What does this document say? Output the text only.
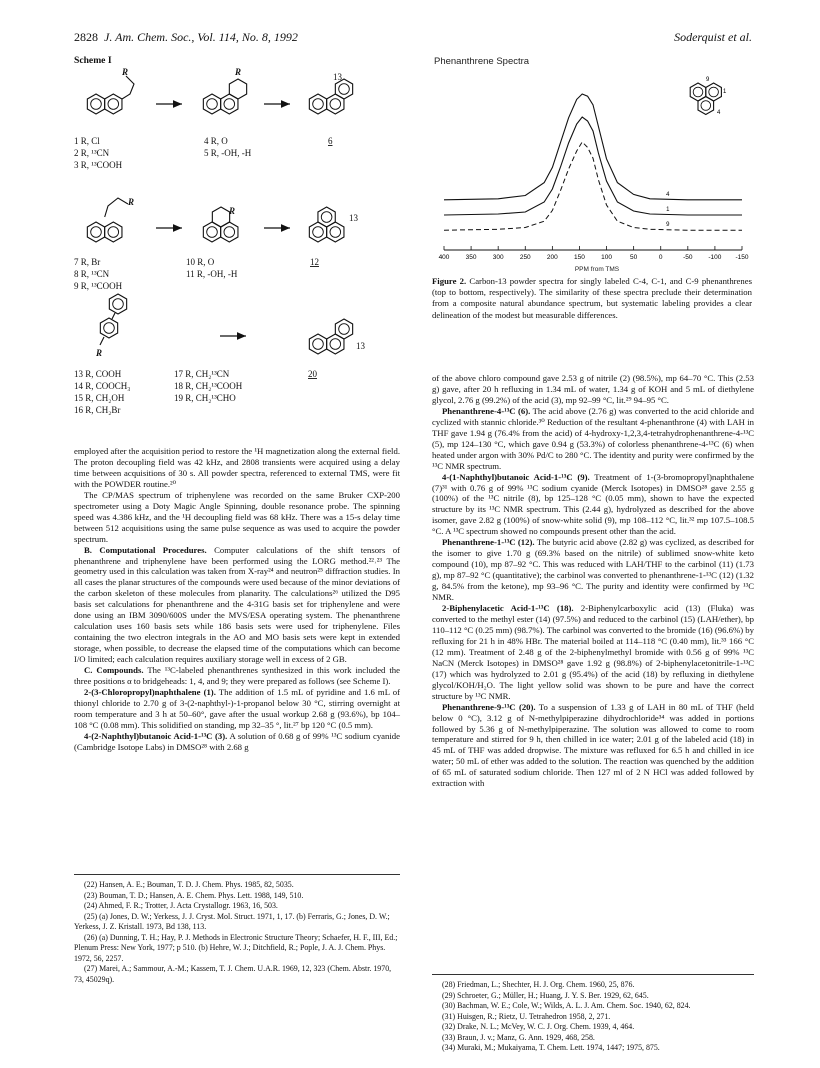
2828 J. Am. Chem. Soc., Vol. 114, No. 8, 1992	Soderquist et al.
Scheme I
R	R	13
1 R, Cl
2 R, ¹³CN
3 R, ¹³COOH
4 R, O
5 R, -OH, -H
6
R
R
13
7 R, Br
8 R, ¹³CN
9 R, ¹³COOH
10 R, O
11 R, -OH, -H
12
R
13
13 R, COOH
14 R, COOCH₃
15 R, CH₂OH
16 R, CH₂Br
17 R, CH₂¹³CN
18 R, CH₂¹³COOH
19 R, CH₂¹³CHO
20
Phenanthrene Spectra
4
1
9
400 350 300 250 200 150 100	50	0	-50 -100 -150
PPM from TMS
9
1
4
Figure 2. Carbon-13 powder spectra for singly labeled C-4, C-1, and C-9 phenanthrenes (top to bottom, respectively). The similarity of these spectra preclude their determination from a composite natural abundance spectrum, but systematic labeling provides a clear delineation of the modest but measurable differences.

employed after the acquisition period to restore the ¹H magnetization along the external field. The proton decoupling field was 42 kHz, and 2808 transients were acquired using a delay time between acquisitions of 30 s. All powder spectra, referenced to external TMS, were fit with the POWDER routine.²⁰

The CP/MAS spectrum of triphenylene was recorded on the same Bruker CXP-200 spectrometer using a Doty Magic Angle Spinning, double resonance probe. The spinning speed was 4.386 kHz, and the ¹H decoupling field was 68 kHz. There was a 15-s delay time between 512 acquisitions using the same pulse sequence as was used to acquire the powder spectrum.

B. Computational Procedures. Computer calculations of the shift tensors of phenanthrene and triphenylene have been performed using the LORG method.²²˒²³ The geometry used in this calculation was taken from X-ray²⁴ and neutron²⁵ diffraction studies. In all cases the planar structures of the compounds were used because of the minor deviations of the carbon skeleton of these molecules from planarity. The calculations²⁶ utilized the D95 basis set calculations for phenanthrene and the 4-31G basis set for triphenylene and were done using an IBM 3090/600S under the MVS/ESA operating system. The phenanthrene calculation uses 160 basis sets while 186 basis sets were used for triphenylene. Files containing the two electron integrals in the AO and MO basis sets were kept in extended storage, when possible, to decrease the elapsed time of the computations which can become I/O limited; each calculation requires auxiliary storage well in excess of 2 GB.

C. Compounds. The ¹³C-labeled phenanthrenes synthesized in this work included the three positions α to bridgeheads: 1, 4, and 9; they were prepared as follows (see Scheme I).

2-(3-Chloropropyl)naphthalene (1). The addition of 1.5 mL of pyridine and 1.6 mL of thionyl chloride to 2.70 g of 3-(2-naphthyl-)-1-propanol below 30 °C, stirring overnight at room temperature and 3 h at 50–60°, gave after the usual workup 2.68 g (93.6%), bp 104–108 °C (0.08 mm). This solidified on standing, mp 32–35 °, lit.²⁷ bp 120 °C (0.5 mm).

4-(2-Naphthyl)butanoic Acid-1-¹³C (3). A solution of 0.68 g of 99% ¹³C sodium cyanide (Cambridge Isotope Labs) in DMSO²⁸ with 2.68 g

of the above chloro compound gave 2.53 g of nitrile (2) (98.5%), mp 64–70 °C. This (2.53 g) gave, after 20 h refluxing in 1.34 mL of water, 1.34 g of KOH and 5 mL of diethylene glycol, 2.76 g (99.2%) of the acid (3), mp 92–99 °C, lit.²⁹ 94–95 °C.

Phenanthrene-4-¹³C (6). The acid above (2.76 g) was converted to the acid chloride and cyclized with stannic chloride.³⁰ Reduction of the resultant 4-phenanthrone (4) with LAH in THF gave 1.94 g (76.4% from the acid) of 4-hydroxy-1,2,3,4-tetrahydrophenanthrene-4-¹³C (5), mp 124–130 °C, which gave 0.94 g (53.3%) of colorless phenanthrene-4-¹³C (6) when heated under argon with 30% Pd/C to 280 °C. The identity and purity were confirmed by the ¹³C NMR spectrum.

4-(1-Naphthyl)butanoic Acid-1-¹³C (9). Treatment of 1-(3-bromopropyl)naphthalene (7)³¹ with 0.76 g of 99% ¹³C sodium cyanide (Merck Isotopes) in DMSO²⁸ gave 2.55 g (100%) of the ¹³C nitrile (8), bp 125–128 °C (0.05 mm), shown to have the expected structure by its ¹³C NMR spectrum. This (2.44 g), hydrolyzed as described for the above isomer, gave 2.82 g (100%) of snow-white solid (9), mp 108–112 °C, lit.³² mp 107.5–108.5 °C. A ¹³C spectrum showed no compounds present other than the acid.

Phenanthrene-1-¹³C (12). The butyric acid above (2.82 g) was cyclized, as described for the isomer to give 1.70 g (69.3% based on the nitrile) of sublimed snow-white keto compound (10), mp 87–92 °C. This was reduced with LAH/THF to the carbinol (11) (1.73 g), mp 87–92 °C (quantitative); the carbinol was converted to phenanthrene-1-¹³C (12) (1.32 g, 84.5% from the ketone), mp 93–96 °C. The purity and identity were confirmed by ¹³C NMR.

2-Biphenylacetic Acid-1-¹³C (18). 2-Biphenylcarboxylic acid (13) (Fluka) was converted to the methyl ester (14) (97.5%) and reduced to the carbinol (15) (LAH/ether), bp 110–112 °C (0.25 mm) (98.7%). The carbinol was converted to the bromide (16) (96.6%) by refluxing for 21 h in 48% HBr. The material boiled at 114–118 °C (0.40 mm), lit.³³ 166 °C (12 mm). Treatment of 2.48 g of the 2-biphenylmethyl bromide with 0.56 g of 99% ¹³C NaCN (Merck Isotopes) in DMSO²⁸ gave 1.92 g (98.8%) of 2-biphenylacetonitrile-1-¹³C (17) which was hydrolyzed to 2.01 g (95.4%) of the acid (18) by refluxing in diethylene glycol/KOH/H₂O. The light yellow solid was shown to be pure and have the correct structure by ¹³C NMR.

Phenanthrene-9-¹³C (20). To a suspension of 1.33 g of LAH in 80 mL of THF (held below 0 °C), 3.12 g of N-methylpiperazine dihydrochloride³⁴ was added in portions followed by 5.36 g of N-methylpiperazine. The solution was allowed to come to room temperature and stirred for 9 h, then chilled in ice water; 2.01 g of the labeled acid (18) in 45 mL of THF was added dropwise. The mixture was refluxed for 6.5 h and chilled in ice water; 50 mL of ether was added to the solution. The reaction was quenched by the addition of 65 mL of saturated sodium chloride. Then 127 ml of 2 N HCl was added followed by extraction with

(22) Hansen, A. E.; Bouman, T. D. J. Chem. Phys. 1985, 82, 5035.

(23) Bouman, T. D.; Hansen, A. E. Chem. Phys. Lett. 1988, 149, 510.

(24) Ahmed, F. R.; Trotter, J. Acta Crystallogr. 1963, 16, 503.

(25) (a) Jones, D. W.; Yerkess, J. J. Cryst. Mol. Struct. 1971, 1, 17. (b) Ferraris, G.; Jones, D. W.; Yerkess, J. Z. Kristall. 1973, Bd 138, 113.

(26) (a) Dunning, T. H.; Hay, P. J. Methods in Electronic Structure Theory; Schaefer, H. F., III, Ed.; Plenum Press: New York, 1977; p 510. (b) Hehre, W. J.; Ditchfield, R.; Pople, J. A. J. Chem. Phys. 1972, 56, 2257.

(27) Marei, A.; Sammour, A.-M.; Kassem, T. J. Chem. U.A.R. 1969, 12, 323 (Chem. Abstr. 1970, 73, 45029q).

(28) Friedman, L.; Shechter, H. J. Org. Chem. 1960, 25, 876.

(29) Schroeter, G.; Müller, H.; Huang, J. Y. S. Ber. 1929, 62, 645.

(30) Bachman, W. E.; Cole, W.; Wilds, A. L. J. Am. Chem. Soc. 1940, 62, 824.

(31) Huisgen, R.; Rietz, U. Tetrahedron 1958, 2, 271.

(32) Drake, N. L.; McVey, W. C. J. Org. Chem. 1939, 4, 464.

(33) Braun, J. v.; Manz, G. Ann. 1929, 468, 258.

(34) Muraki, M.; Mukaiyama, T. Chem. Lett. 1974, 1447; 1975, 875.
